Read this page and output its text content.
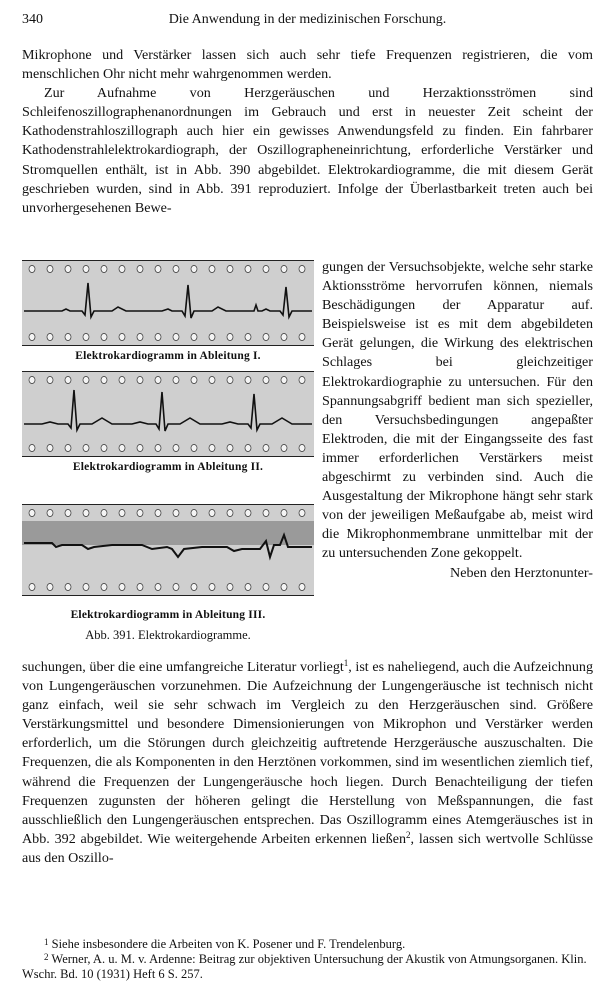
340	Die Anwendung in der medizinischen Forschung.

Mikrophone und Verstärker lassen sich auch sehr tiefe Frequenzen registrieren, die vom menschlichen Ohr nicht mehr wahrgenommen werden.

Zur Aufnahme von Herzgeräuschen und Herzaktionsströmen sind Schleifenoszillographenanordnungen im Gebrauch und erst in neuester Zeit scheint der Kathodenstrahloszillograph auch hier ein gewisses Anwendungsfeld zu finden. Ein fahrbarer Kathodenstrahlelektrokardiograph, der Oszillographeneinrichtung, erforderliche Verstärker und Stromquellen enthält, ist in Abb. 390 abgebildet. Elektrokardiogramme, die mit diesem Gerät geschrieben wurden, sind in Abb. 391 reproduziert. Infolge der Überlastbarkeit treten auch bei unvorhergesehenen Bewe-

Elektrokardiogramm in Ableitung I.
Elektrokardiogramm in Ableitung II.
Elektrokardiogramm in Ableitung III.
Abb. 391. Elektrokardiogramme.

gungen der Versuchsobjekte, welche sehr starke Aktionsströme hervorrufen können, niemals Beschädigungen der Apparatur auf. Beispielsweise ist es mit dem abgebildeten Gerät gelungen, die Wirkung des elektrischen Schlages bei gleichzeitiger Elektrokardiographie zu untersuchen. Für den Spannungsabgriff bedient man sich spezieller, den Versuchsbedingungen angepaßter Elektroden, die mit der Eingangsseite des fast immer erforderlichen Verstärkers meist abgeschirmt zu verbinden sind. Auch die Ausgestaltung der Mikrophone hängt sehr stark von der jeweiligen Meßaufgabe ab, meist wird die Mikrophonmembrane unmittelbar mit der zu untersuchenden Zone gekoppelt.

Neben den Herztonunter-

suchungen, über die eine umfangreiche Literatur vorliegt$^1$, ist es naheliegend, auch die Aufzeichnung von Lungengeräuschen vorzunehmen. Die Aufzeichnung der Lungengeräusche ist technisch nicht ganz einfach, weil sie sehr schwach im Vergleich zu den Herzgeräuschen sind. Größere Verstärkungsmittel und besondere Dimensionierungen von Mikrophon und Verstärker werden erforderlich, um die Störungen durch gleichzeitig auftretende Herzgeräusche auszuschalten. Die Frequenzen, die als Komponenten in den Herztönen vorkommen, sind im wesentlichen ziemlich tief, während die Frequenzen der Lungengeräusche hoch liegen. Durch Benachteiligung der tiefen Frequenzen zugunsten der höheren gelingt die Herstellung von Meßspannungen, die fast ausschließlich den Lungengeräuschen entsprechen. Das Oszillogramm eines Atemgeräusches ist in Abb. 392 abgebildet. Wie weitergehende Arbeiten erkennen ließen$^2$, lassen sich wertvolle Schlüsse aus den Oszillo-

$^1$ Siehe insbesondere die Arbeiten von K. Posener und F. Trendelenburg.

$^2$ Werner, A. u. M. v. Ardenne: Beitrag zur objektiven Untersuchung der Akustik von Atmungsorganen. Klin. Wschr. Bd. 10 (1931) Heft 6 S. 257.
